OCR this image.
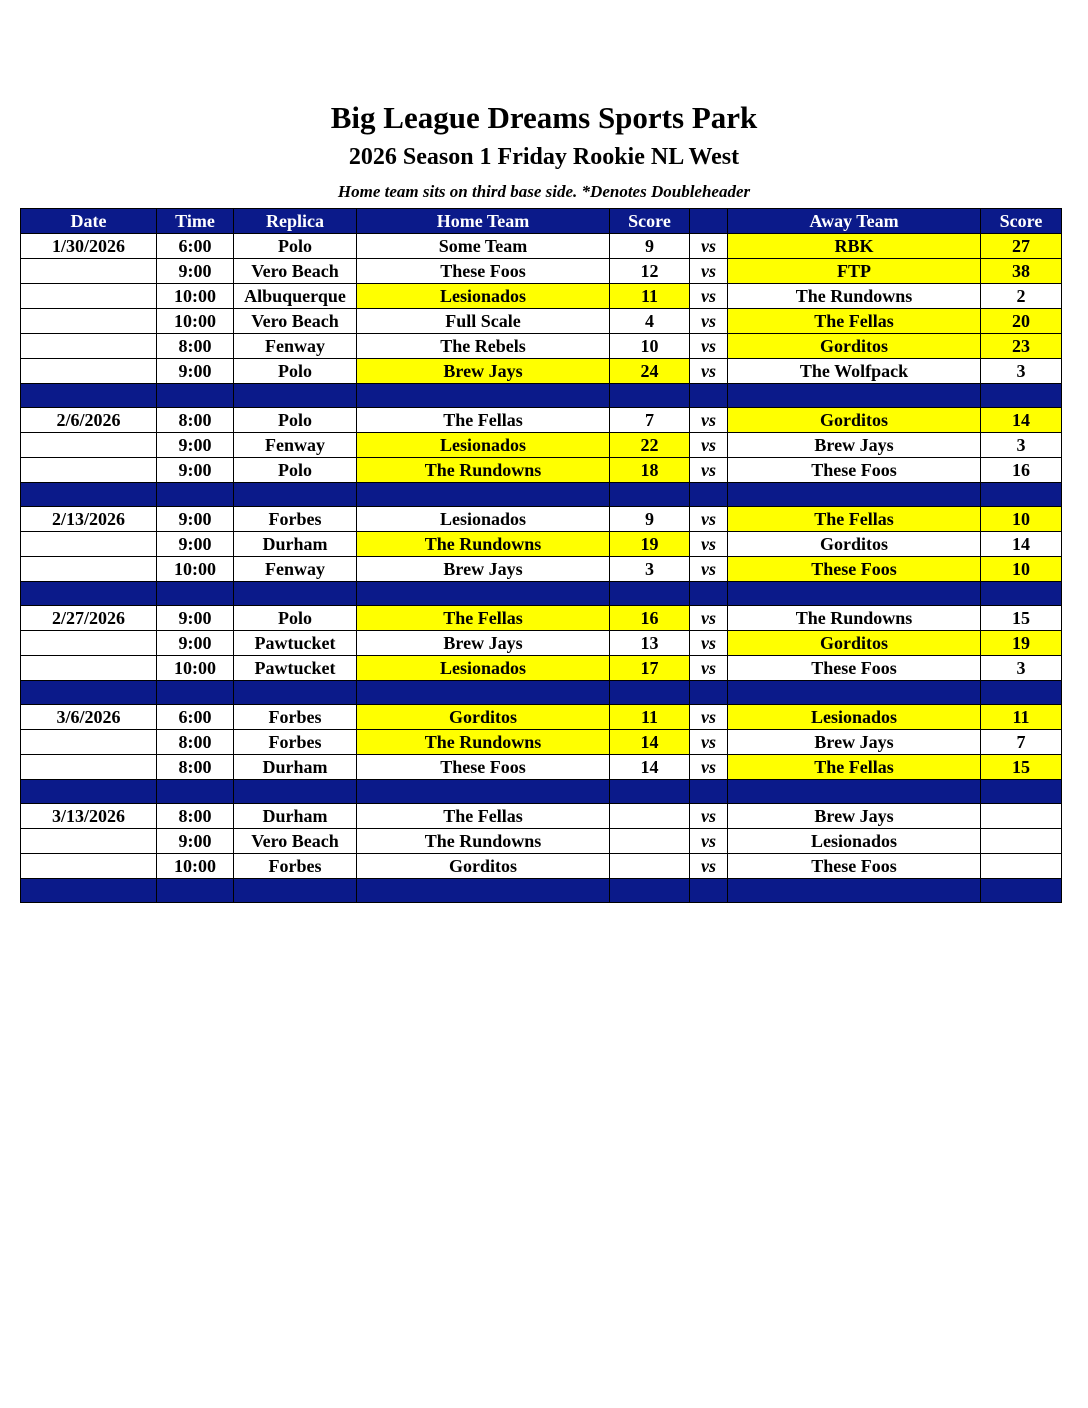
Big League Dreams Sports Park
2026 Season 1 Friday Rookie NL West
Home team sits on third base side. *Denotes Doubleheader
Date	Time	Replica	Home Team	Score		Away Team	Score
1/30/2026	6:00	Polo	Some Team	9	vs	RBK	27
	9:00	Vero Beach	These Foos	12	vs	FTP	38
	10:00	Albuquerque	Lesionados	11	vs	The Rundowns	2
	10:00	Vero Beach	Full Scale	4	vs	The Fellas	20
	8:00	Fenway	The Rebels	10	vs	Gorditos	23
	9:00	Polo	Brew Jays	24	vs	The Wolfpack	3

2/6/2026	8:00	Polo	The Fellas	7	vs	Gorditos	14
	9:00	Fenway	Lesionados	22	vs	Brew Jays	3
	9:00	Polo	The Rundowns	18	vs	These Foos	16

2/13/2026	9:00	Forbes	Lesionados	9	vs	The Fellas	10
	9:00	Durham	The Rundowns	19	vs	Gorditos	14
	10:00	Fenway	Brew Jays	3	vs	These Foos	10

2/27/2026	9:00	Polo	The Fellas	16	vs	The Rundowns	15
	9:00	Pawtucket	Brew Jays	13	vs	Gorditos	19
	10:00	Pawtucket	Lesionados	17	vs	These Foos	3

3/6/2026	6:00	Forbes	Gorditos	11	vs	Lesionados	11
	8:00	Forbes	The Rundowns	14	vs	Brew Jays	7
	8:00	Durham	These Foos	14	vs	The Fellas	15

3/13/2026	8:00	Durham	The Fellas		vs	Brew Jays	
	9:00	Vero Beach	The Rundowns		vs	Lesionados	
	10:00	Forbes	Gorditos		vs	These Foos	
